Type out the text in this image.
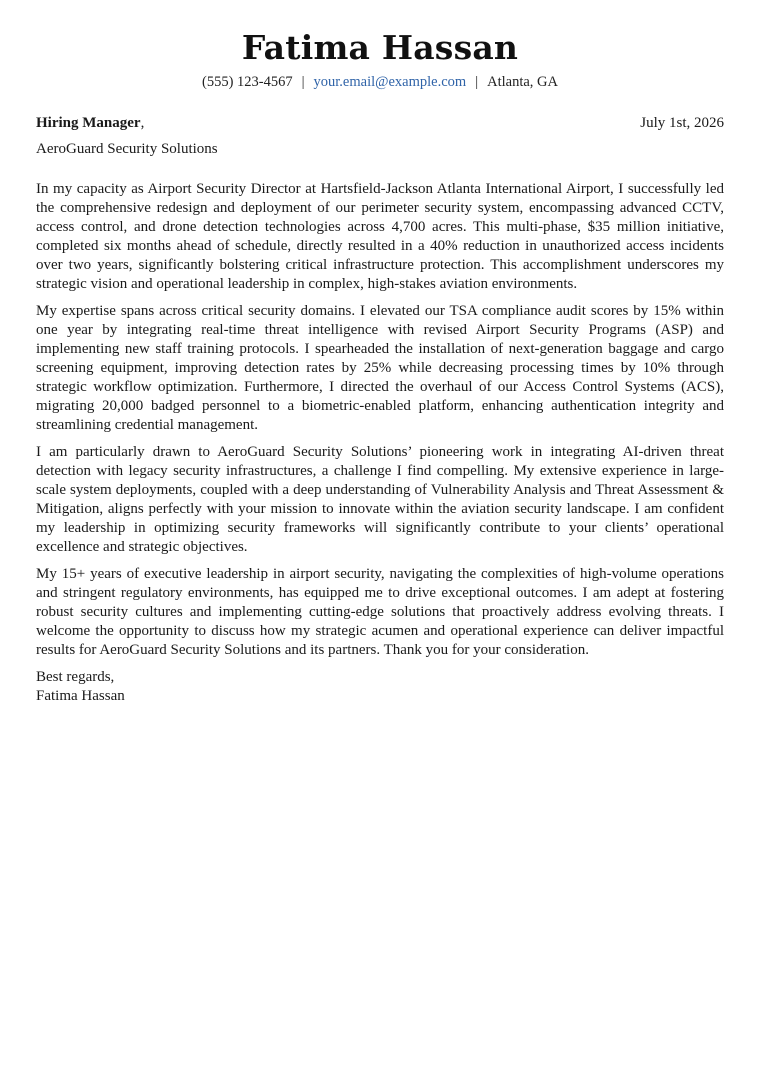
Fatima Hassan
(555) 123-4567 | your.email@example.com | Atlanta, GA
Hiring Manager,	July 1st, 2026
AeroGuard Security Solutions

In my capacity as Airport Security Director at Hartsfield-Jackson Atlanta International Airport, I successfully led the comprehensive redesign and deployment of our perimeter security system, encompassing advanced CCTV, access control, and drone detection technologies across 4,700 acres. This multi-phase, $35 million initiative, completed six months ahead of schedule, directly resulted in a 40% reduction in unauthorized access incidents over two years, significantly bolstering critical infrastructure protection. This accomplishment underscores my strategic vision and operational leadership in complex, high-stakes aviation environments.

My expertise spans across critical security domains. I elevated our TSA compliance audit scores by 15% within one year by integrating real-time threat intelligence with revised Airport Security Programs (ASP) and implementing new staff training protocols. I spearheaded the installation of next-generation baggage and cargo screening equipment, improving detection rates by 25% while decreasing processing times by 10% through strategic workflow optimization. Furthermore, I directed the overhaul of our Access Control Systems (ACS), migrating 20,000 badged personnel to a biometric-enabled platform, enhancing authentication integrity and streamlining credential management.

I am particularly drawn to AeroGuard Security Solutions’ pioneering work in integrating AI-driven threat detection with legacy security infrastructures, a challenge I find compelling. My extensive experience in large-scale system deployments, coupled with a deep understanding of Vulnerability Analysis and Threat Assessment & Mitigation, aligns perfectly with your mission to innovate within the aviation security landscape. I am confident my leadership in optimizing security frameworks will significantly contribute to your clients’ operational excellence and strategic objectives.

My 15+ years of executive leadership in airport security, navigating the complexities of high-volume operations and stringent regulatory environments, has equipped me to drive exceptional outcomes. I am adept at fostering robust security cultures and implementing cutting-edge solutions that proactively address evolving threats. I welcome the opportunity to discuss how my strategic acumen and operational experience can deliver impactful results for AeroGuard Security Solutions and its partners. Thank you for your consideration.

Best regards,
Fatima Hassan
